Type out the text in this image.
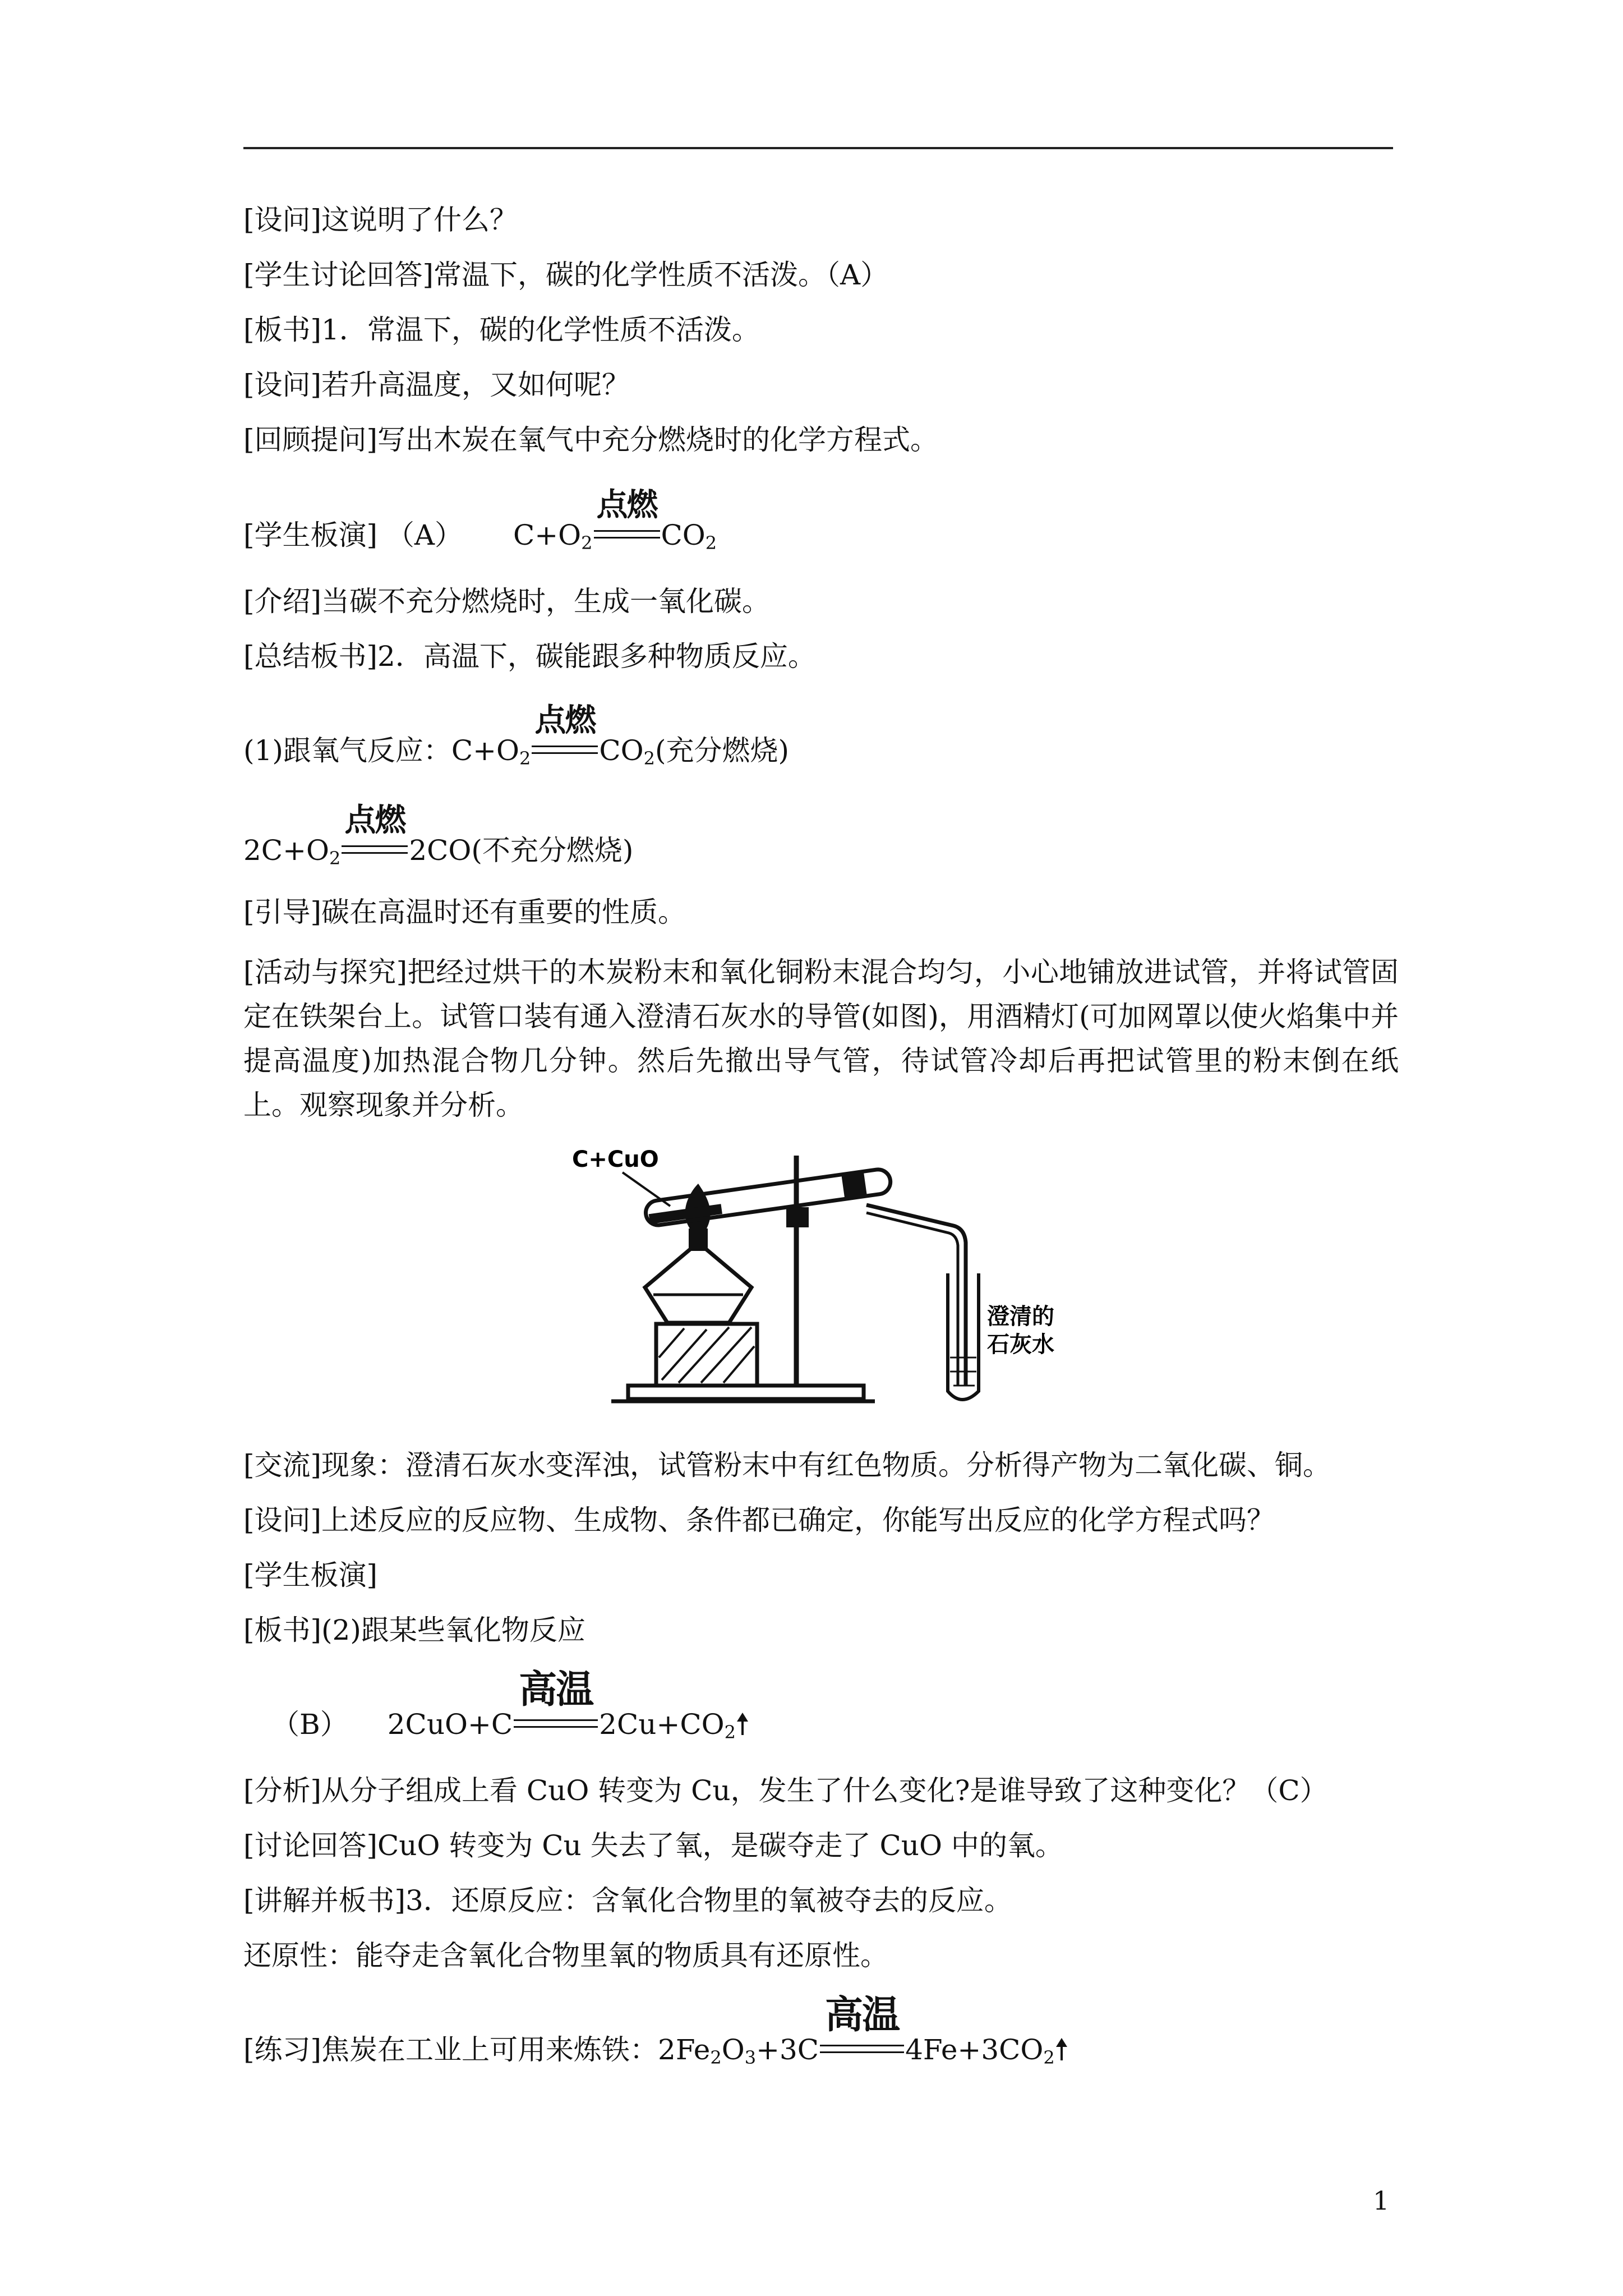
[设问]这说明了什么？
[学生讨论回答]常温下，碳的化学性质不活泼。（A）
[板书]1．常温下，碳的化学性质不活泼。
[设问]若升高温度，又如何呢？
[回顾提问]写出木炭在氧气中充分燃烧时的化学方程式。
[学生板演] （A） $C+O_2$
点燃
$CO_2$
[介绍]当碳不充分燃烧时，生成一氧化碳。
[总结板书]2．高温下，碳能跟多种物质反应。
(1)跟氧气反应：$C+O_2$
点燃
$CO_2$(充分燃烧)
$2C+O_2$
点燃
2CO(不充分燃烧)
[引导]碳在高温时还有重要的性质。
[活动与探究]把经过烘干的木炭粉末和氧化铜粉末混合均匀，小心地铺放进试管，并将试管固定在铁架台上。试管口装有通入澄清石灰水的导管(如图)，用酒精灯(可加网罩以使火焰集中并提高温度)加热混合物几分钟。然后先撤出导气管，待试管冷却后再把试管里的粉末倒在纸上。观察现象并分析。
C+CuO
澄清的
石灰水
[交流]现象：澄清石灰水变浑浊，试管粉末中有红色物质。分析得产物为二氧化碳、铜。
[设问]上述反应的反应物、生成物、条件都已确定，你能写出反应的化学方程式吗？
[学生板演]
[板书](2)跟某些氧化物反应
（B） 2CuO+C
高温
$2Cu+CO_2$
[分析]从分子组成上看 CuO 转变为 Cu，发生了什么变化?是谁导致了这种变化？（C）
[讨论回答]CuO 转变为 Cu 失去了氧，是碳夺走了 CuO 中的氧。
[讲解并板书]3．还原反应：含氧化合物里的氧被夺去的反应。
还原性：能夺走含氧化合物里氧的物质具有还原性。
[练习]焦炭在工业上可用来炼铁：$2Fe_2O_3+3C$
高温
$4Fe+3CO_2$
1
